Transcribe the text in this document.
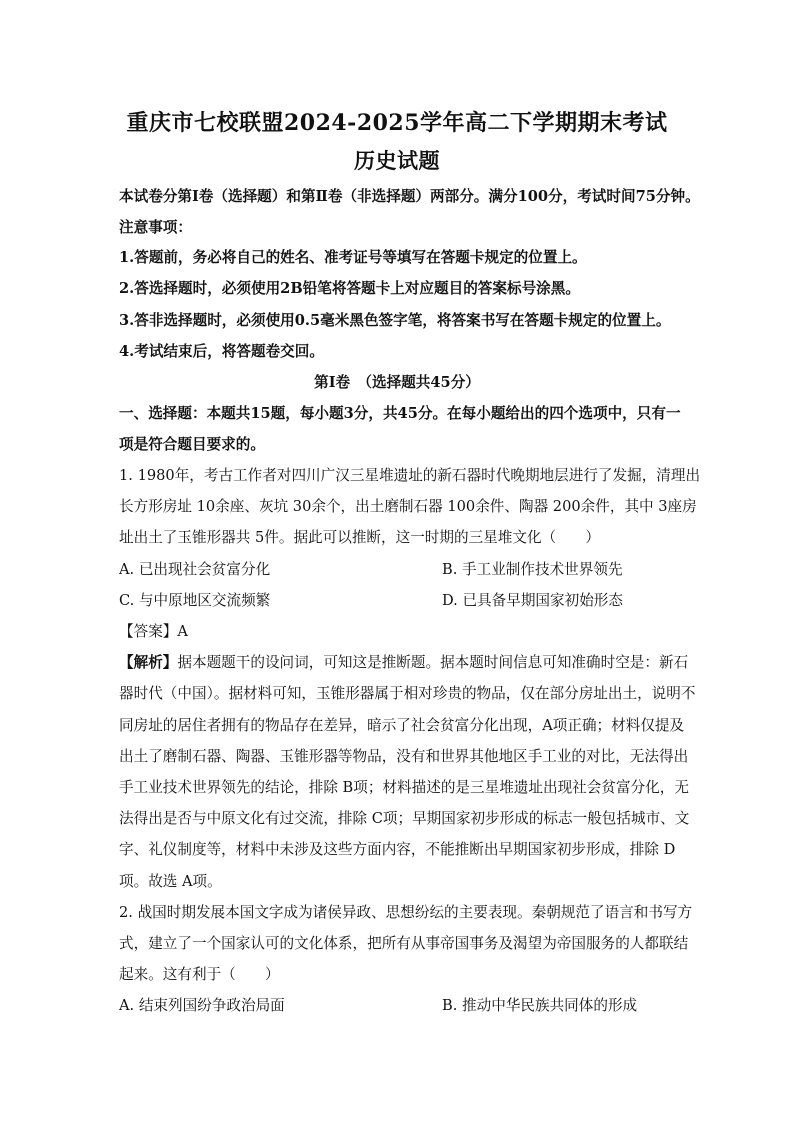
重庆市七校联盟2024-2025学年高二下学期期末考试
历史试题
本试卷分第Ⅰ卷（选择题）和第Ⅱ卷（非选择题）两部分。满分100分，考试时间75分钟。
注意事项：
1.答题前，务必将自己的姓名、准考证号等填写在答题卡规定的位置上。
2.答选择题时，必须使用2B铅笔将答题卡上对应题目的答案标号涂黑。
3.答非选择题时，必须使用0.5毫米黑色签字笔，将答案书写在答题卡规定的位置上。
4.考试结束后，将答题卷交回。
第Ⅰ卷　（选择题共45分）
一、选择题：本题共15题，每小题3分，共45分。在每小题给出的四个选项中，只有一
项是符合题目要求的。
1. 1980年，考古工作者对四川广汉三星堆遗址的新石器时代晚期地层进行了发掘，清理出
长方形房址 10余座、灰坑 30余个，出土磨制石器 100余件、陶器 200余件，其中 3座房
址出土了玉锥形器共 5件。据此可以推断，这一时期的三星堆文化（　　）
A. 已出现社会贫富分化	B. 手工业制作技术世界领先
C. 与中原地区交流频繁	D. 已具备早期国家初始形态
【答案】A
【解析】据本题题干的设问词，可知这是推断题。据本题时间信息可知准确时空是：新石
器时代（中国）。据材料可知，玉锥形器属于相对珍贵的物品，仅在部分房址出土，说明不
同房址的居住者拥有的物品存在差异，暗示了社会贫富分化出现，A项正确；材料仅提及
出土了磨制石器、陶器、玉锥形器等物品，没有和世界其他地区手工业的对比，无法得出
手工业技术世界领先的结论，排除 B项；材料描述的是三星堆遗址出现社会贫富分化，无
法得出是否与中原文化有过交流，排除 C项；早期国家初步形成的标志一般包括城市、文
字、礼仪制度等，材料中未涉及这些方面内容，不能推断出早期国家初步形成，排除 D
项。故选 A项。
2. 战国时期发展本国文字成为诸侯异政、思想纷纭的主要表现。秦朝规范了语言和书写方
式，建立了一个国家认可的文化体系，把所有从事帝国事务及渴望为帝国服务的人都联结
起来。这有利于（　　）
A. 结束列国纷争政治局面	B. 推动中华民族共同体的形成
